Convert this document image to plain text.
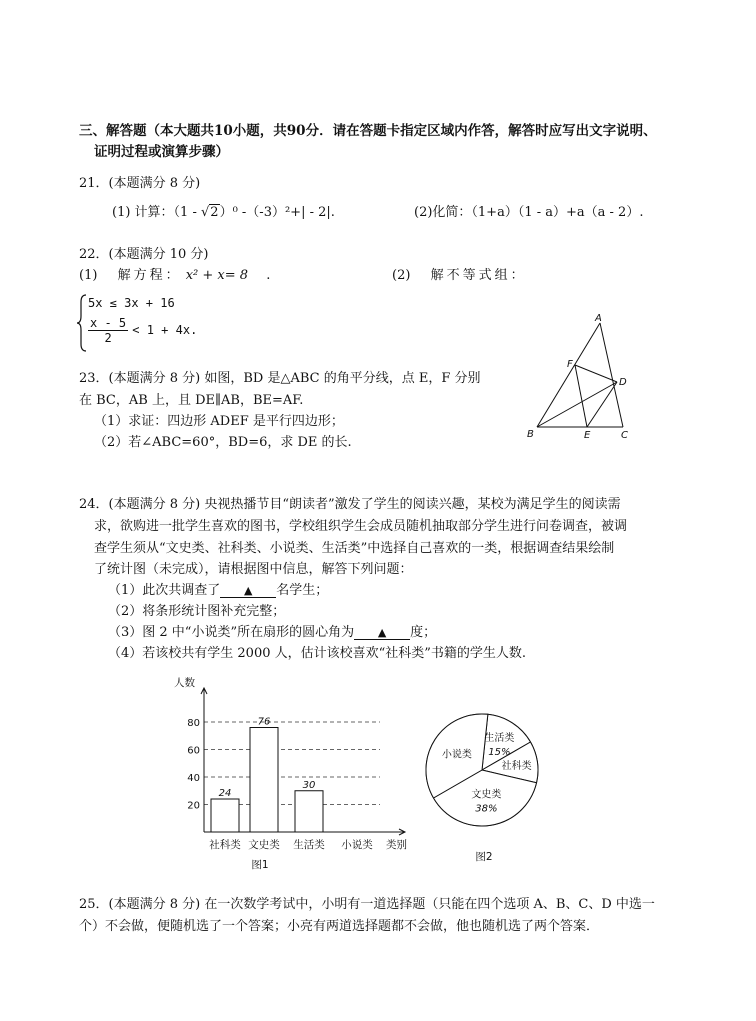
三、解答题（本大题共10小题，共90分．请在答题卡指定区域内作答，解答时应写出文字说明、
证明过程或演算步骤）
21．(本题满分 8 分)
(1) 计算：（1 - √2）⁰ -（-3）²+| - 2|.	(2)化简：（1+a）（1 - a）+a（a - 2）.
22．(本题满分 10 分)
(1) 解方程： x² + x= 8 .	(2) 解不等式组：
5x ≤ 3x + 16
$\frac{x - 5}{2} < 1 + 4x$.
23．(本题满分 8 分) 如图，BD 是△ABC 的角平分线，点 E，F 分别
在 BC，AB 上，且 DE∥AB，BE=AF.
（1）求证：四边形 ADEF 是平行四边形；
（2）若∠ABC=60°，BD=6，求 DE 的长.
A
B	C
D
E
F
24．(本题满分 8 分) 央视热播节目“朗读者”激发了学生的阅读兴趣，某校为满足学生的阅读需
求，欲购进一批学生喜欢的图书，学校组织学生会成员随机抽取部分学生进行问卷调查，被调
查学生须从“文史类、社科类、小说类、生活类”中选择自己喜欢的一类，根据调查结果绘制
了统计图（未完成），请根据图中信息，解答下列问题：
（1）此次共调查了 ▲ 名学生；
（2）将条形统计图补充完整；
（3）图 2 中“小说类”所在扇形的圆心角为 ▲ 度；
（4）若该校共有学生 2000 人，估计该校喜欢“社科类”书籍的学生人数.
20
40
60
80
人数
类别
24
社科类
76
文史类
30
生活类 小说类
图1
生活类
15%
社科类
文史类
38%
小说类
图2
25．(本题满分 8 分) 在一次数学考试中，小明有一道选择题（只能在四个选项 A、B、C、D 中选一
个）不会做，便随机选了一个答案；小亮有两道选择题都不会做，他也随机选了两个答案．
